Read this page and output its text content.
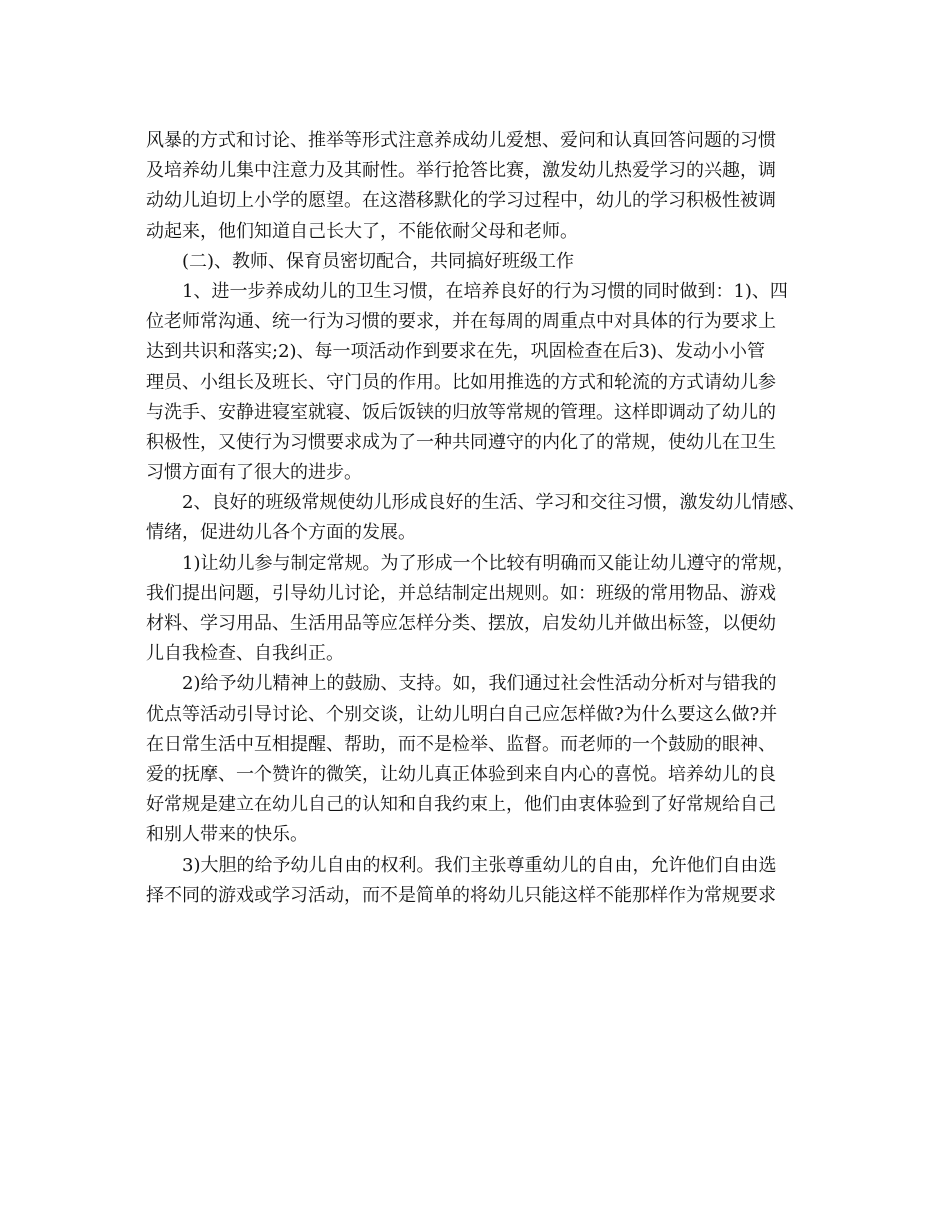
风暴的方式和讨论、推举等形式注意养成幼儿爱想、爱问和认真回答问题的习惯
及培养幼儿集中注意力及其耐性。举行抢答比赛，激发幼儿热爱学习的兴趣，调
动幼儿迫切上小学的愿望。在这潜移默化的学习过程中，幼儿的学习积极性被调
动起来，他们知道自己长大了，不能依耐父母和老师。
(二)、教师、保育员密切配合，共同搞好班级工作
1、进一步养成幼儿的卫生习惯，在培养良好的行为习惯的同时做到：1)、四
位老师常沟通、统一行为习惯的要求，并在每周的周重点中对具体的行为要求上
达到共识和落实;2)、每一项活动作到要求在先，巩固检查在后3)、发动小小管
理员、小组长及班长、守门员的作用。比如用推选的方式和轮流的方式请幼儿参
与洗手、安静进寝室就寝、饭后饭铗的归放等常规的管理。这样即调动了幼儿的
积极性，又使行为习惯要求成为了一种共同遵守的内化了的常规，使幼儿在卫生
习惯方面有了很大的进步。
2、良好的班级常规使幼儿形成良好的生活、学习和交往习惯，激发幼儿情感、
情绪，促进幼儿各个方面的发展。
1)让幼儿参与制定常规。为了形成一个比较有明确而又能让幼儿遵守的常规，
我们提出问题，引导幼儿讨论，并总结制定出规则。如：班级的常用物品、游戏
材料、学习用品、生活用品等应怎样分类、摆放，启发幼儿并做出标签，以便幼
儿自我检查、自我纠正。
2)给予幼儿精神上的鼓励、支持。如，我们通过社会性活动分析对与错我的
优点等活动引导讨论、个别交谈，让幼儿明白自己应怎样做?为什么要这么做?并
在日常生活中互相提醒、帮助，而不是检举、监督。而老师的一个鼓励的眼神、
爱的抚摩、一个赞许的微笑，让幼儿真正体验到来自内心的喜悦。培养幼儿的良
好常规是建立在幼儿自己的认知和自我约束上，他们由衷体验到了好常规给自己
和别人带来的快乐。
3)大胆的给予幼儿自由的权利。我们主张尊重幼儿的自由，允许他们自由选
择不同的游戏或学习活动，而不是简单的将幼儿只能这样不能那样作为常规要求
